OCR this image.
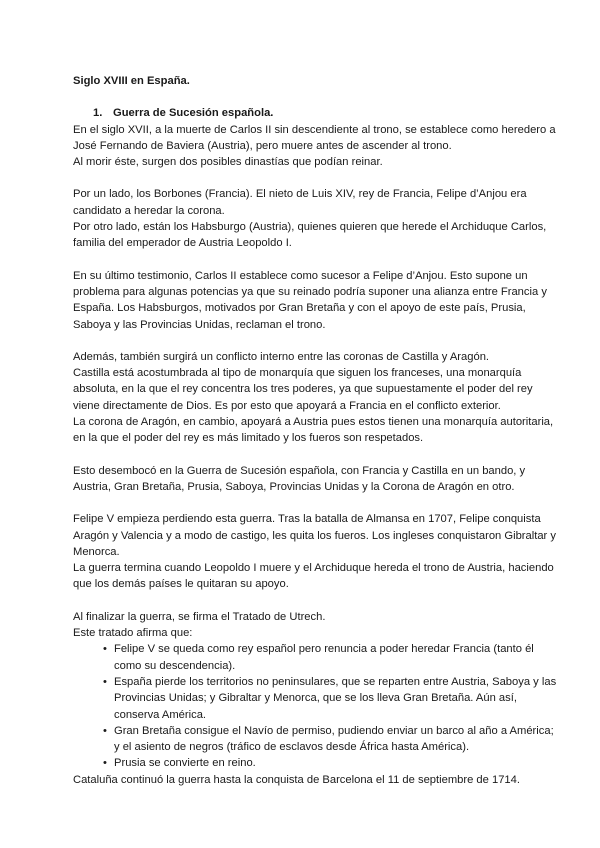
Siglo XVIII en España.

1. Guerra de Sucesión española.

En el siglo XVII, a la muerte de Carlos II sin descendiente al trono, se establece como heredero a José Fernando de Baviera (Austria), pero muere antes de ascender al trono.

Al morir éste, surgen dos posibles dinastías que podían reinar.

Por un lado, los Borbones (Francia). El nieto de Luis XIV, rey de Francia, Felipe d’Anjou era candidato a heredar la corona.

Por otro lado, están los Habsburgo (Austria), quienes quieren que herede el Archiduque Carlos, familia del emperador de Austria Leopoldo I.

En su último testimonio, Carlos II establece como sucesor a Felipe d’Anjou. Esto supone un problema para algunas potencias ya que su reinado podría suponer una alianza entre Francia y España. Los Habsburgos, motivados por Gran Bretaña y con el apoyo de este país, Prusia, Saboya y las Provincias Unidas, reclaman el trono.

Además, también surgirá un conflicto interno entre las coronas de Castilla y Aragón.

Castilla está acostumbrada al tipo de monarquía que siguen los franceses, una monarquía absoluta, en la que el rey concentra los tres poderes, ya que supuestamente el poder del rey viene directamente de Dios. Es por esto que apoyará a Francia en el conflicto exterior.

La corona de Aragón, en cambio, apoyará a Austria pues estos tienen una monarquía autoritaria, en la que el poder del rey es más limitado y los fueros son respetados.

Esto desembocó en la Guerra de Sucesión española, con Francia y Castilla en un bando, y Austria, Gran Bretaña, Prusia, Saboya, Provincias Unidas y la Corona de Aragón en otro.

Felipe V empieza perdiendo esta guerra. Tras la batalla de Almansa en 1707, Felipe conquista Aragón y Valencia y a modo de castigo, les quita los fueros. Los ingleses conquistaron Gibraltar y Menorca.

La guerra termina cuando Leopoldo I muere y el Archiduque hereda el trono de Austria, haciendo que los demás países le quitaran su apoyo.

Al finalizar la guerra, se firma el Tratado de Utrech.

Este tratado afirma que:

• Felipe V se queda como rey español pero renuncia a poder heredar Francia (tanto él como su descendencia).
• España pierde los territorios no peninsulares, que se reparten entre Austria, Saboya y las Provincias Unidas; y Gibraltar y Menorca, que se los lleva Gran Bretaña. Aún así, conserva América.
• Gran Bretaña consigue el Navío de permiso, pudiendo enviar un barco al año a América; y el asiento de negros (tráfico de esclavos desde África hasta América).
• Prusia se convierte en reino.

Cataluña continuó la guerra hasta la conquista de Barcelona el 11 de septiembre de 1714.
